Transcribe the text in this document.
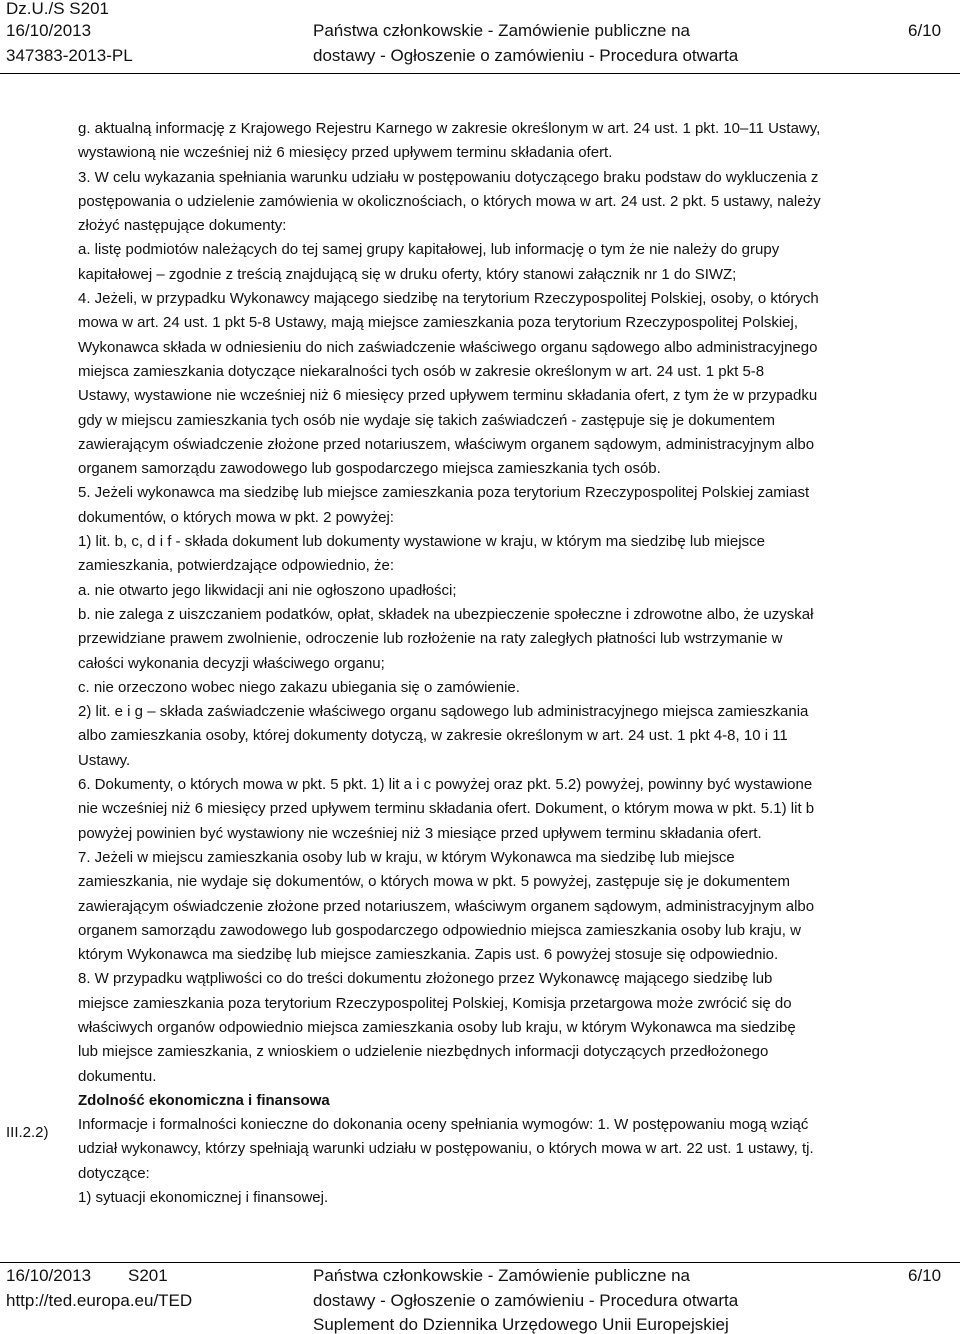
Dz.U./S S201
16/10/2013
347383-2013-PL
Państwa członkowskie - Zamówienie publiczne na
dostawy - Ogłoszenie o zamówieniu - Procedura otwarta
6/10
III.2.2)
g. aktualną informację z Krajowego Rejestru Karnego w zakresie określonym w art. 24 ust. 1 pkt. 10–11 Ustawy,
wystawioną nie wcześniej niż 6 miesięcy przed upływem terminu składania ofert.
3. W celu wykazania spełniania warunku udziału w postępowaniu dotyczącego braku podstaw do wykluczenia z
postępowania o udzielenie zamówienia w okolicznościach, o których mowa w art. 24 ust. 2 pkt. 5 ustawy, należy
złożyć następujące dokumenty:
a. listę podmiotów należących do tej samej grupy kapitałowej, lub informację o tym że nie należy do grupy
kapitałowej – zgodnie z treścią znajdującą się w druku oferty, który stanowi załącznik nr 1 do SIWZ;
4. Jeżeli, w przypadku Wykonawcy mającego siedzibę na terytorium Rzeczypospolitej Polskiej, osoby, o których
mowa w art. 24 ust. 1 pkt 5-8 Ustawy, mają miejsce zamieszkania poza terytorium Rzeczypospolitej Polskiej,
Wykonawca składa w odniesieniu do nich zaświadczenie właściwego organu sądowego albo administracyjnego
miejsca zamieszkania dotyczące niekaralności tych osób w zakresie określonym w art. 24 ust. 1 pkt 5-8
Ustawy, wystawione nie wcześniej niż 6 miesięcy przed upływem terminu składania ofert, z tym że w przypadku
gdy w miejscu zamieszkania tych osób nie wydaje się takich zaświadczeń - zastępuje się je dokumentem
zawierającym oświadczenie złożone przed notariuszem, właściwym organem sądowym, administracyjnym albo
organem samorządu zawodowego lub gospodarczego miejsca zamieszkania tych osób.
5. Jeżeli wykonawca ma siedzibę lub miejsce zamieszkania poza terytorium Rzeczypospolitej Polskiej zamiast
dokumentów, o których mowa w pkt. 2 powyżej:
1) lit. b, c, d i f - składa dokument lub dokumenty wystawione w kraju, w którym ma siedzibę lub miejsce
zamieszkania, potwierdzające odpowiednio, że:
a. nie otwarto jego likwidacji ani nie ogłoszono upadłości;
b. nie zalega z uiszczaniem podatków, opłat, składek na ubezpieczenie społeczne i zdrowotne albo, że uzyskał
przewidziane prawem zwolnienie, odroczenie lub rozłożenie na raty zaległych płatności lub wstrzymanie w
całości wykonania decyzji właściwego organu;
c. nie orzeczono wobec niego zakazu ubiegania się o zamówienie.
2) lit. e i g – składa zaświadczenie właściwego organu sądowego lub administracyjnego miejsca zamieszkania
albo zamieszkania osoby, której dokumenty dotyczą, w zakresie określonym w art. 24 ust. 1 pkt 4-8, 10 i 11
Ustawy.
6. Dokumenty, o których mowa w pkt. 5 pkt. 1) lit a i c powyżej oraz pkt. 5.2) powyżej, powinny być wystawione
nie wcześniej niż 6 miesięcy przed upływem terminu składania ofert. Dokument, o którym mowa w pkt. 5.1) lit b
powyżej powinien być wystawiony nie wcześniej niż 3 miesiące przed upływem terminu składania ofert.
7. Jeżeli w miejscu zamieszkania osoby lub w kraju, w którym Wykonawca ma siedzibę lub miejsce
zamieszkania, nie wydaje się dokumentów, o których mowa w pkt. 5 powyżej, zastępuje się je dokumentem
zawierającym oświadczenie złożone przed notariuszem, właściwym organem sądowym, administracyjnym albo
organem samorządu zawodowego lub gospodarczego odpowiednio miejsca zamieszkania osoby lub kraju, w
którym Wykonawca ma siedzibę lub miejsce zamieszkania. Zapis ust. 6 powyżej stosuje się odpowiednio.
8. W przypadku wątpliwości co do treści dokumentu złożonego przez Wykonawcę mającego siedzibę lub
miejsce zamieszkania poza terytorium Rzeczypospolitej Polskiej, Komisja przetargowa może zwrócić się do
właściwych organów odpowiednio miejsca zamieszkania osoby lub kraju, w którym Wykonawca ma siedzibę
lub miejsce zamieszkania, z wnioskiem o udzielenie niezbędnych informacji dotyczących przedłożonego
dokumentu.
Zdolność ekonomiczna i finansowa
Informacje i formalności konieczne do dokonania oceny spełniania wymogów: 1. W postępowaniu mogą wziąć
udział wykonawcy, którzy spełniają warunki udziału w postępowaniu, o których mowa w art. 22 ust. 1 ustawy, tj.
dotyczące:
1) sytuacji ekonomicznej i finansowej.
16/10/2013 S201
http://ted.europa.eu/TED
Państwa członkowskie - Zamówienie publiczne na
dostawy - Ogłoszenie o zamówieniu - Procedura otwarta
Suplement do Dziennika Urzędowego Unii Europejskiej
6/10
